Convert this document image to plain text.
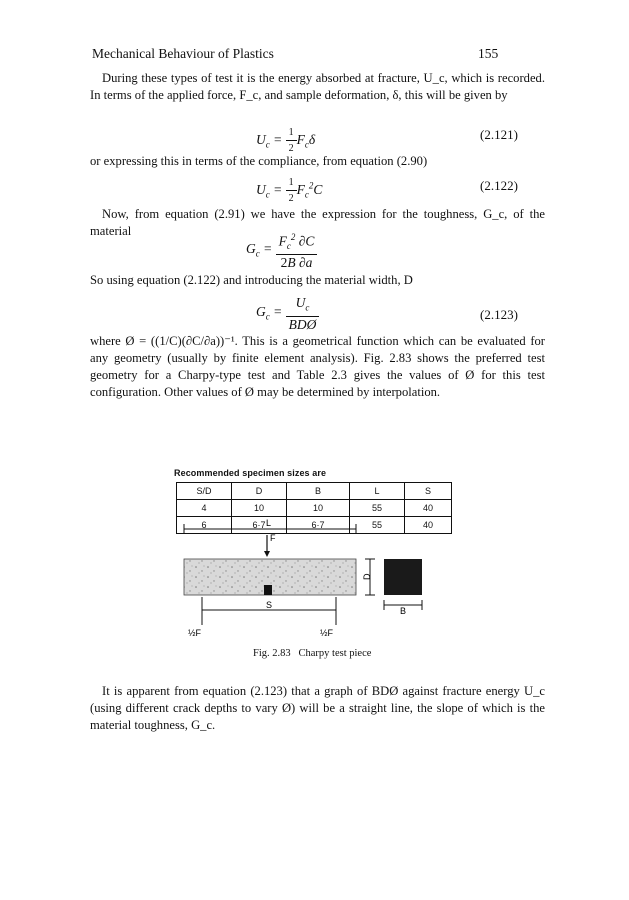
Mechanical Behaviour of Plastics	155

During these types of test it is the energy absorbed at fracture, U_c, which is recorded. In terms of the applied force, F_c, and sample deformation, δ, this will be given by

$U_c = \frac{1}{2} F_c\delta$	(2.121)

or expressing this in terms of the compliance, from equation (2.90)

$U_c = \frac{1}{2} F_c^2C$	(2.122)

Now, from equation (2.91) we have the expression for the toughness, G_c, of the material

$G_c = \frac{F_c^2 \partial C}{2B \partial a}$

So using equation (2.122) and introducing the material width, D

$G_c = \frac{U_c}{\text{BDØ}}$	(2.123)

where Ø = ((1/C)(∂C/∂a))⁻¹. This is a geometrical function which can be evaluated for any geometry (usually by finite element analysis). Fig. 2.83 shows the preferred test geometry for a Charpy-type test and Table 2.3 gives the values of Ø for this test configuration. Other values of Ø may be determined by interpolation.

Recommended specimen sizes are
S/D	D	B	L	S
4	10	10	55	40
6	6·7	6·7	55	40
L
F
D
B
S
½F	½F
Fig. 2.83 Charpy test piece

It is apparent from equation (2.123) that a graph of BDØ against fracture energy U_c (using different crack depths to vary Ø) will be a straight line, the slope of which is the material toughness, G_c.
